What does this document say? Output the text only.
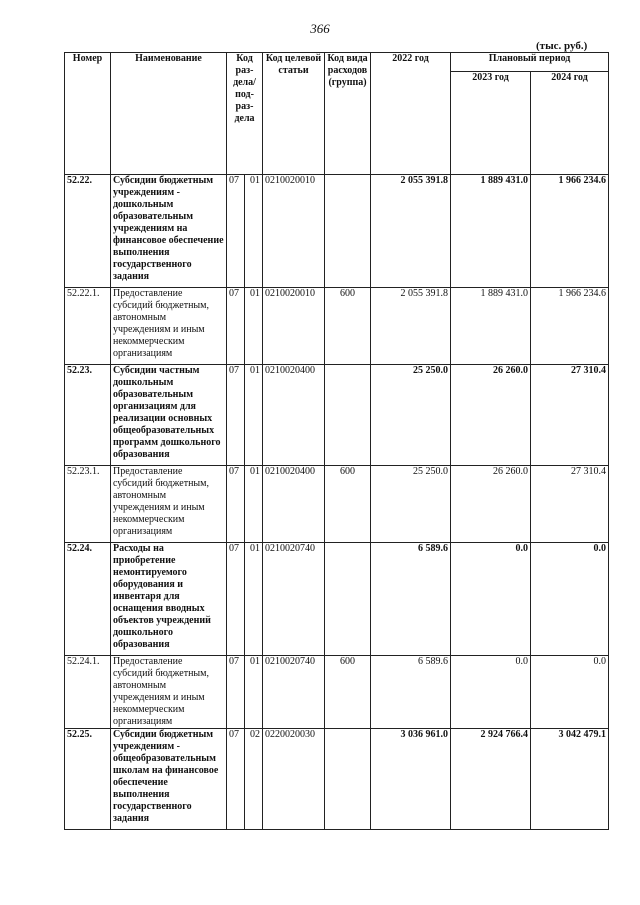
366
(тыс. руб.)
Номер	Наименование	Код раз-дела/ под-раз-дела		Код целевой статьи	Код вида расходов (группа)	2022 год	Плановый период	
							2023 год	2024 год
52.22.	Субсидии бюджетным учреждениям - дошкольным образовательным учреждениям на финансовое обеспечение выполнения государственного задания	07	01	0210020010		2 055 391.8	1 889 431.0	1 966 234.6
52.22.1.	Предоставление субсидий бюджетным, автономным учреждениям и иным некоммерческим организациям	07	01	0210020010	600	2 055 391.8	1 889 431.0	1 966 234.6
52.23.	Субсидии частным дошкольным образовательным организациям для реализации основных общеобразовательных программ дошкольного образования	07	01	0210020400		25 250.0	26 260.0	27 310.4
52.23.1.	Предоставление субсидий бюджетным, автономным учреждениям и иным некоммерческим организациям	07	01	0210020400	600	25 250.0	26 260.0	27 310.4
52.24.	Расходы на приобретение немонтируемого оборудования и инвентаря для оснащения вводных объектов учреждений дошкольного образования	07	01	0210020740		6 589.6	0.0	0.0
52.24.1.	Предоставление субсидий бюджетным, автономным учреждениям и иным некоммерческим организациям	07	01	0210020740	600	6 589.6	0.0	0.0
52.25.	Субсидии бюджетным учреждениям - общеобразовательным школам на финансовое обеспечение выполнения государственного задания	07	02	0220020030		3 036 961.0	2 924 766.4	3 042 479.1
